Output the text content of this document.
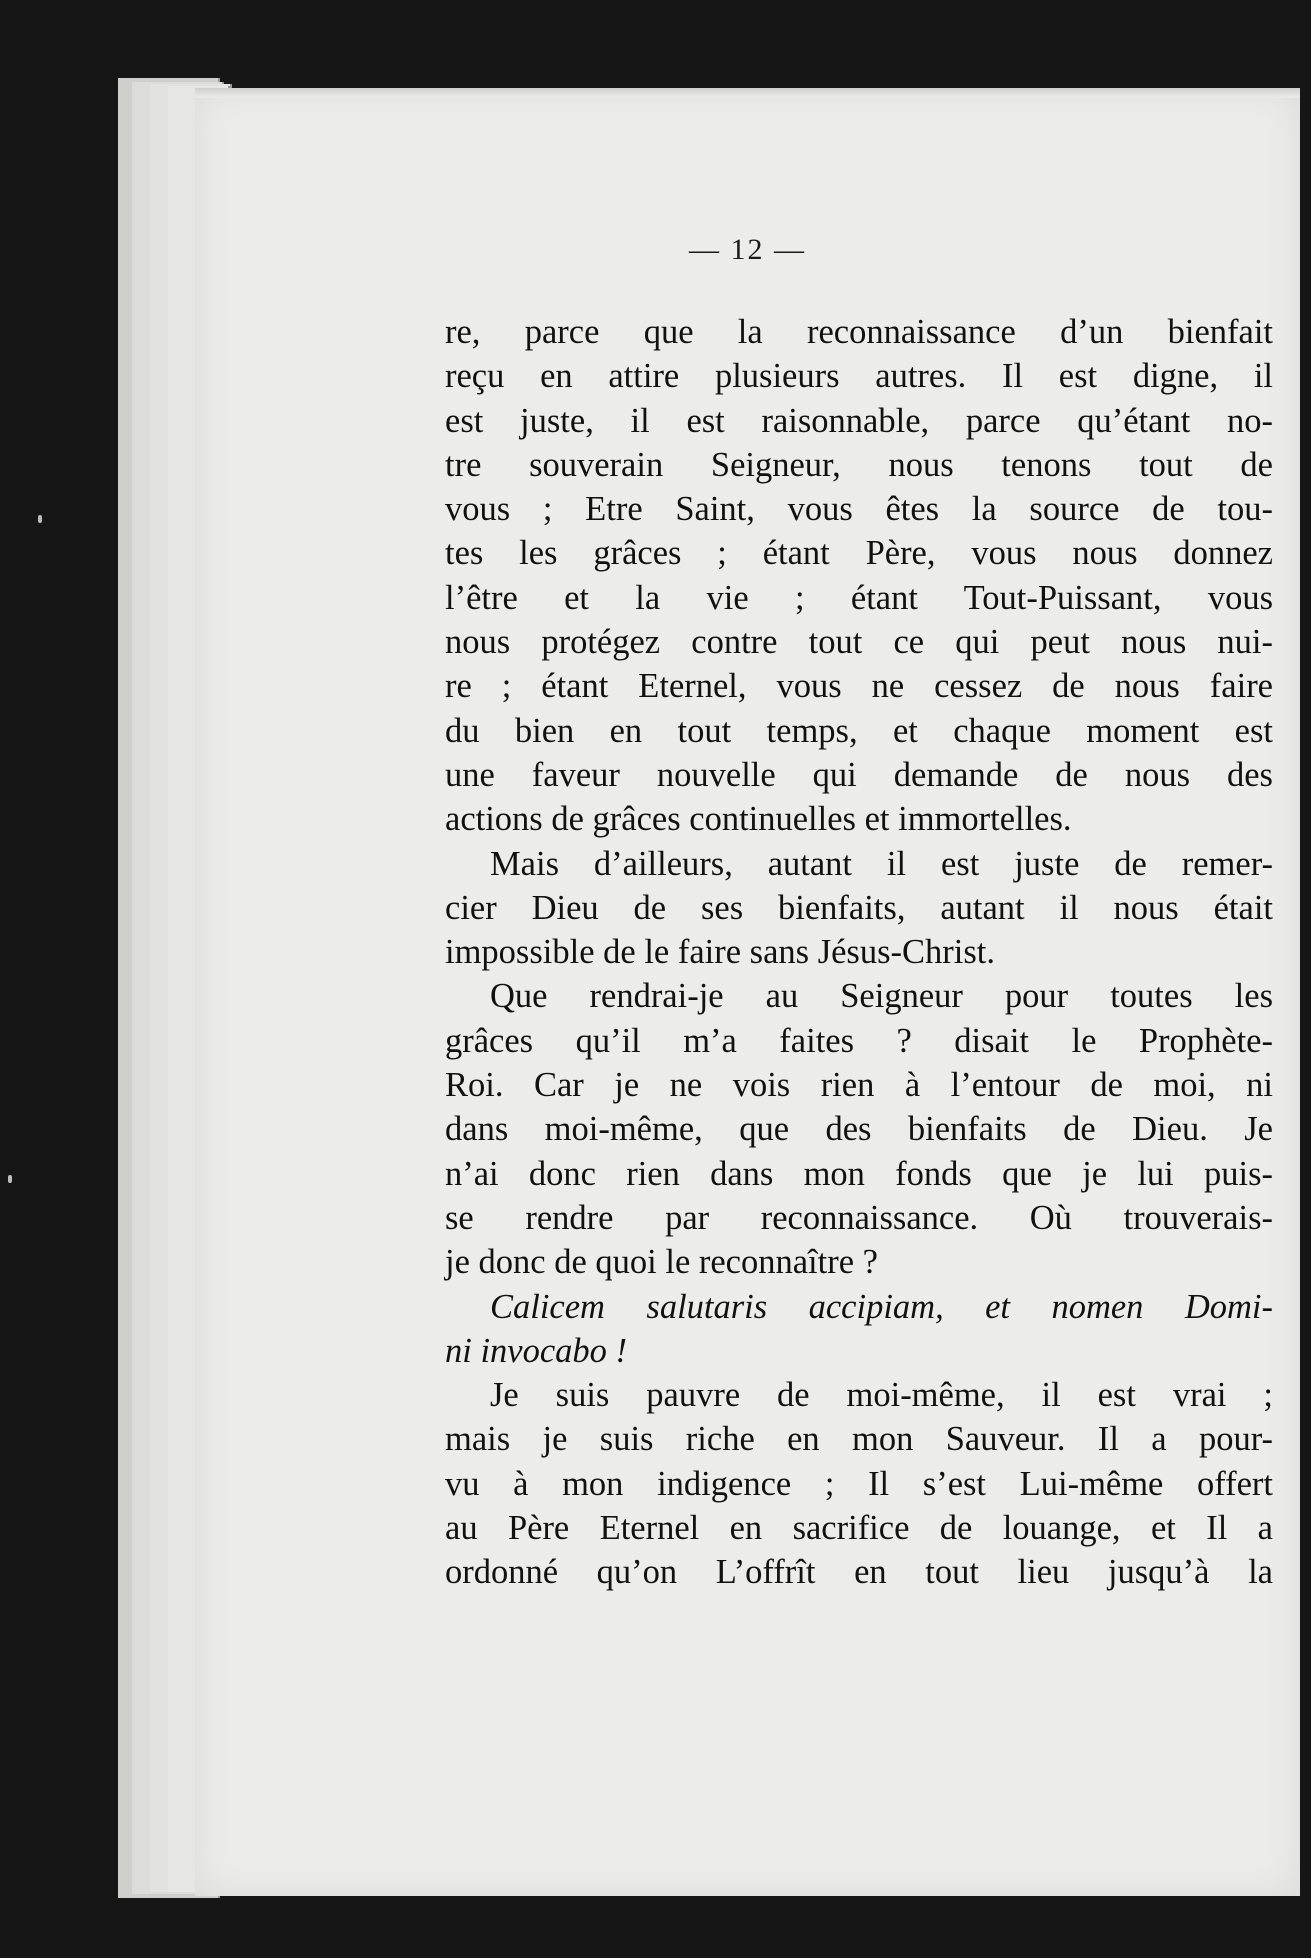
— 12 —
re, parce que la reconnaissance d’un bienfait
reçu en attire plusieurs autres. Il est digne, il
est juste, il est raisonnable, parce qu’étant no-
tre souverain Seigneur, nous tenons tout de
vous ; Etre Saint, vous êtes la source de tou-
tes les grâces ; étant Père, vous nous donnez
l’être et la vie ; étant Tout-Puissant, vous
nous protégez contre tout ce qui peut nous nui-
re ; étant Eternel, vous ne cessez de nous faire
du bien en tout temps, et chaque moment est
une faveur nouvelle qui demande de nous des
actions de grâces continuelles et immortelles.
Mais d’ailleurs, autant il est juste de remer-
cier Dieu de ses bienfaits, autant il nous était
impossible de le faire sans Jésus-Christ.
Que rendrai-je au Seigneur pour toutes les
grâces qu’il m’a faites ? disait le Prophète-
Roi. Car je ne vois rien à l’entour de moi, ni
dans moi-même, que des bienfaits de Dieu. Je
n’ai donc rien dans mon fonds que je lui puis-
se rendre par reconnaissance. Où trouverais-
je donc de quoi le reconnaître ?
Calicem salutaris accipiam, et nomen Domi-
ni invocabo !
Je suis pauvre de moi-même, il est vrai ;
mais je suis riche en mon Sauveur. Il a pour-
vu à mon indigence ; Il s’est Lui-même offert
au Père Eternel en sacrifice de louange, et Il a
ordonné qu’on L’offrît en tout lieu jusqu’à la
